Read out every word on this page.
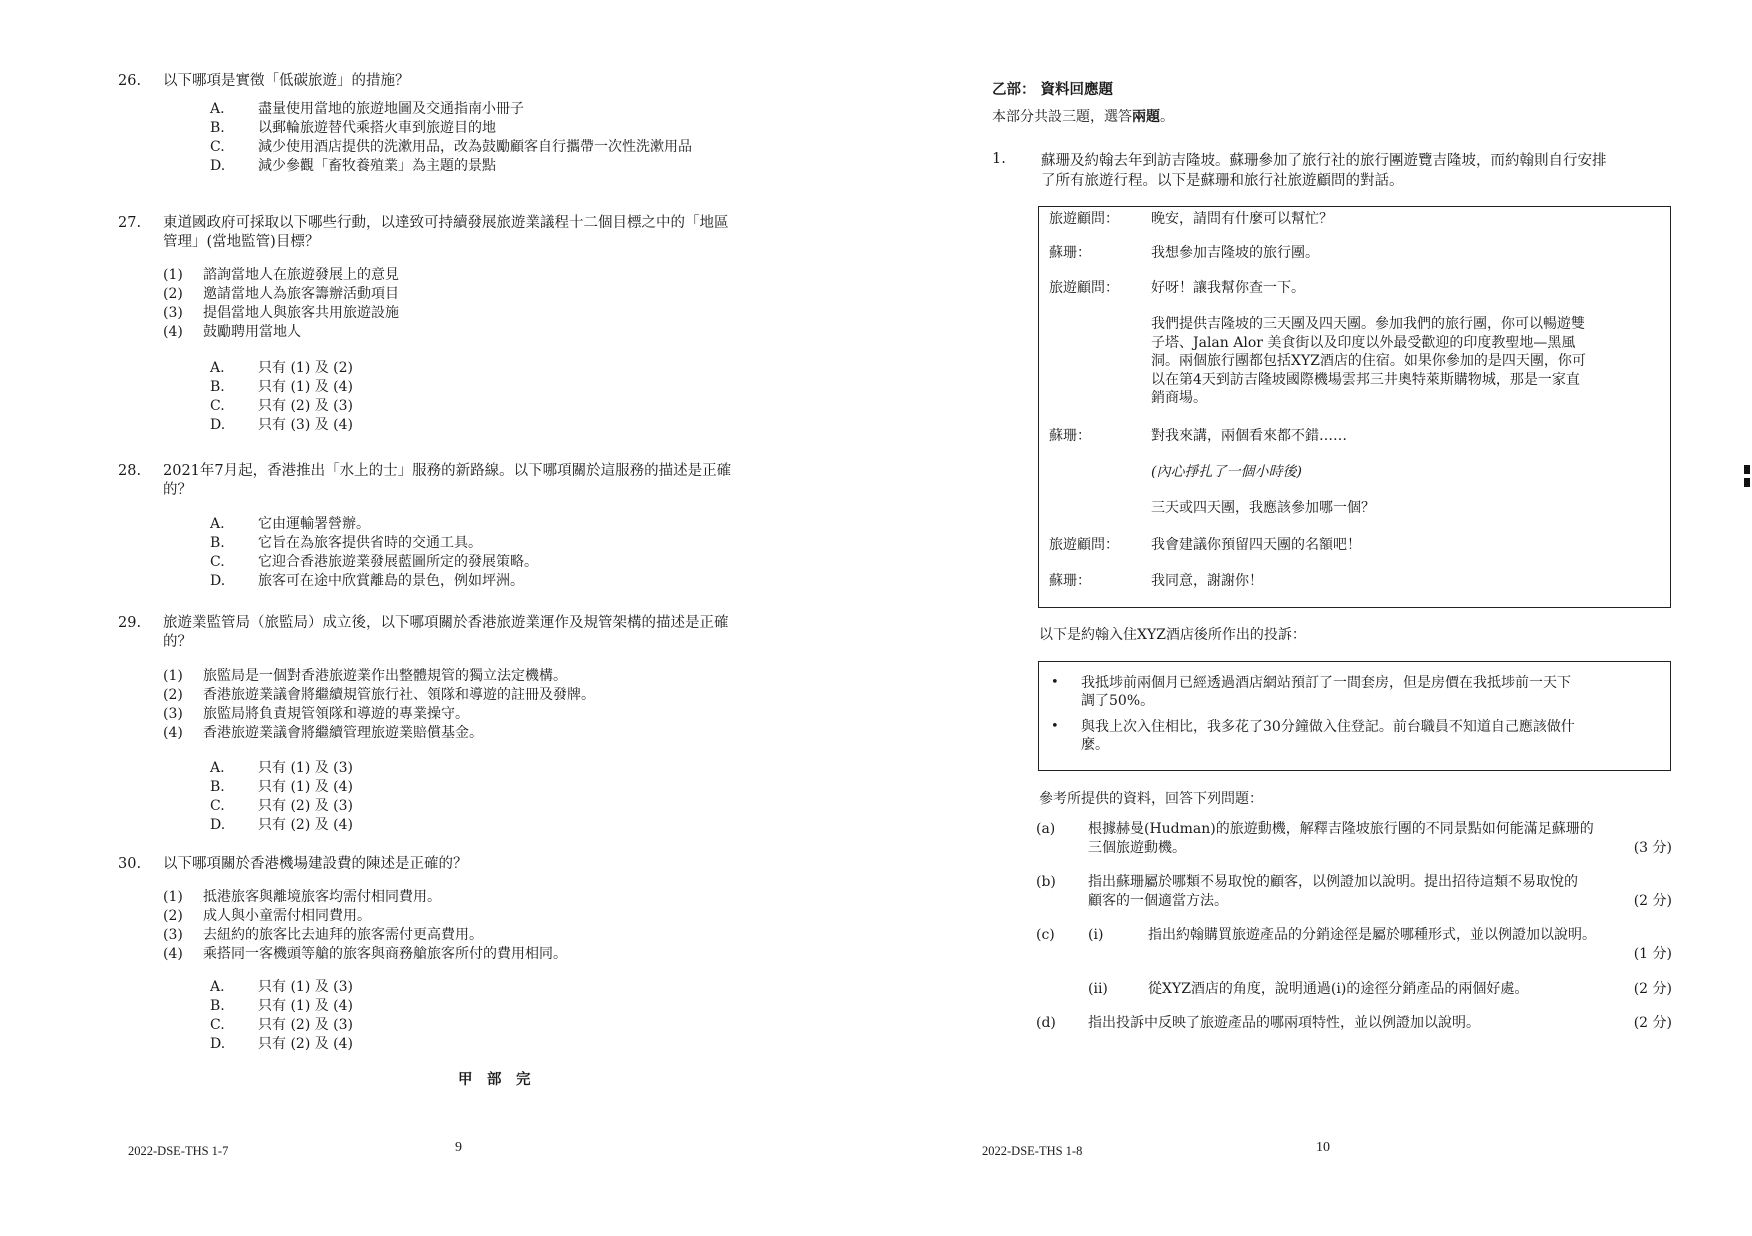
26.	以下哪項是實徵「低碳旅遊」的措施？
A.	盡量使用當地的旅遊地圖及交通指南小冊子
B.	以郵輪旅遊替代乘搭火車到旅遊目的地
C.	減少使用酒店提供的洗漱用品，改為鼓勵顧客自行攜帶一次性洗漱用品
D.	減少參觀「畜牧養殖業」為主題的景點
27.	東道國政府可採取以下哪些行動，以達致可持續發展旅遊業議程十二個目標之中的「地區
管理」(當地監管)目標？
(1)	諮詢當地人在旅遊發展上的意見
(2)	邀請當地人為旅客籌辦活動項目
(3)	提倡當地人與旅客共用旅遊設施
(4)	鼓勵聘用當地人
A.	只有 (1) 及 (2)
B.	只有 (1) 及 (4)
C.	只有 (2) 及 (3)
D.	只有 (3) 及 (4)
28.	2021年7月起，香港推出「水上的士」服務的新路線。以下哪項關於這服務的描述是正確
的？
A.	它由運輸署營辦。
B.	它旨在為旅客提供省時的交通工具。
C.	它迎合香港旅遊業發展藍圖所定的發展策略。
D.	旅客可在途中欣賞離島的景色，例如坪洲。
29.	旅遊業監管局（旅監局）成立後，以下哪項關於香港旅遊業運作及規管架構的描述是正確
的？
(1)	旅監局是一個對香港旅遊業作出整體規管的獨立法定機構。
(2)	香港旅遊業議會將繼續規管旅行社、領隊和導遊的註冊及發牌。
(3)	旅監局將負責規管領隊和導遊的專業操守。
(4)	香港旅遊業議會將繼續管理旅遊業賠償基金。
A.	只有 (1) 及 (3)
B.	只有 (1) 及 (4)
C.	只有 (2) 及 (3)
D.	只有 (2) 及 (4)
30.	以下哪項關於香港機場建設費的陳述是正確的？
(1)	抵港旅客與離境旅客均需付相同費用。
(2)	成人與小童需付相同費用。
(3)	去紐約的旅客比去迪拜的旅客需付更高費用。
(4)	乘搭同一客機頭等艙的旅客與商務艙旅客所付的費用相同。
A.	只有 (1) 及 (3)
B.	只有 (1) 及 (4)
C.	只有 (2) 及 (3)
D.	只有 (2) 及 (4)
甲　部　完
2022-DSE-THS 1-7	9
乙部： 資料回應題
本部分共設三題，選答兩題。
1. 蘇珊及約翰去年到訪吉隆坡。蘇珊參加了旅行社的旅行團遊覽吉隆坡，而約翰則自行安排
了所有旅遊行程。以下是蘇珊和旅行社旅遊顧問的對話。
旅遊顧問： 晚安，請問有什麼可以幫忙？
蘇珊：	我想參加吉隆坡的旅行團。
旅遊顧問： 好呀！讓我幫你查一下。
我們提供吉隆坡的三天團及四天團。參加我們的旅行團，你可以暢遊雙
子塔、Jalan Alor 美食街以及印度以外最受歡迎的印度教聖地—黑風
洞。兩個旅行團都包括XYZ酒店的住宿。如果你參加的是四天團，你可
以在第4天到訪吉隆坡國際機場雲邦三井奧特萊斯購物城，那是一家直
銷商場。
蘇珊：	對我來講，兩個看來都不錯……
(內心掙扎了一個小時後)
三天或四天團，我應該參加哪一個？
旅遊顧問： 我會建議你預留四天團的名額吧！
蘇珊：	我同意，謝謝你！
以下是約翰入住XYZ酒店後所作出的投訴：
• 我抵埗前兩個月已經透過酒店網站預訂了一間套房，但是房價在我抵埗前一天下
調了50%。
• 與我上次入住相比，我多花了30分鐘做入住登記。前台職員不知道自己應該做什
麼。
參考所提供的資料，回答下列問題：
(a) 根據赫曼(Hudman)的旅遊動機，解釋吉隆坡旅行團的不同景點如何能滿足蘇珊的
三個旅遊動機。	(3 分)
(b) 指出蘇珊屬於哪類不易取悅的顧客，以例證加以說明。提出招待這類不易取悅的
顧客的一個適當方法。	(2 分)
(c) (i)	指出約翰購買旅遊產品的分銷途徑是屬於哪種形式，並以例證加以說明。
(1 分)
(ii)	從XYZ酒店的角度，說明通過(i)的途徑分銷產品的兩個好處。	(2 分)
(d) 指出投訴中反映了旅遊產品的哪兩項特性，並以例證加以說明。	(2 分)
2022-DSE-THS 1-8	10
